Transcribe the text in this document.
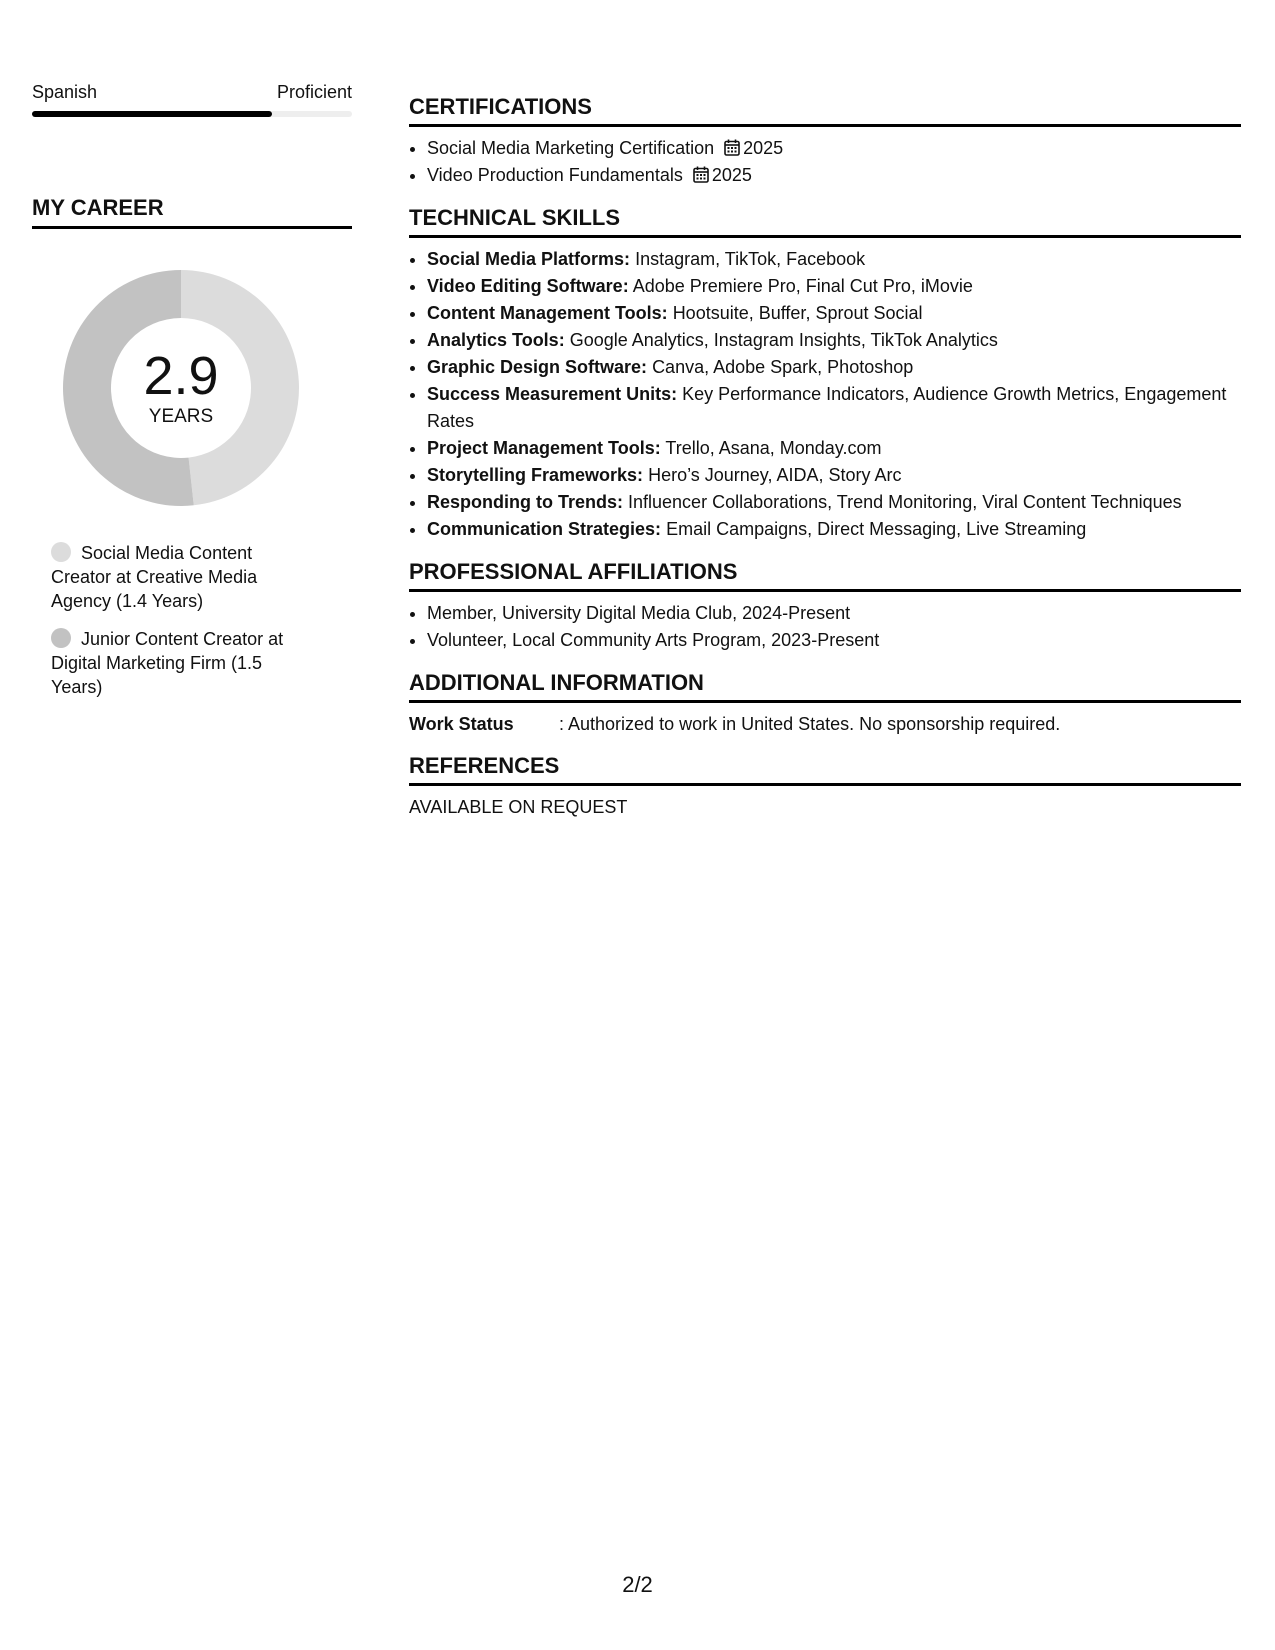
Spanish	Proficient
MY CAREER
2.9
YEARS
Social Media Content Creator at Creative Media Agency (1.4 Years)
Junior Content Creator at Digital Marketing Firm (1.5 Years)
CERTIFICATIONS
• Social Media Marketing Certification 2025
• Video Production Fundamentals 2025
TECHNICAL SKILLS
• Social Media Platforms: Instagram, TikTok, Facebook
• Video Editing Software: Adobe Premiere Pro, Final Cut Pro, iMovie
• Content Management Tools: Hootsuite, Buffer, Sprout Social
• Analytics Tools: Google Analytics, Instagram Insights, TikTok Analytics
• Graphic Design Software: Canva, Adobe Spark, Photoshop
• Success Measurement Units: Key Performance Indicators, Audience Growth Metrics, Engagement Rates
• Project Management Tools: Trello, Asana, Monday.com
• Storytelling Frameworks: Hero’s Journey, AIDA, Story Arc
• Responding to Trends: Influencer Collaborations, Trend Monitoring, Viral Content Techniques
• Communication Strategies: Email Campaigns, Direct Messaging, Live Streaming
PROFESSIONAL AFFILIATIONS
• Member, University Digital Media Club, 2024-Present
• Volunteer, Local Community Arts Program, 2023-Present
ADDITIONAL INFORMATION
Work Status	: Authorized to work in United States. No sponsorship required.
REFERENCES
AVAILABLE ON REQUEST
2/2
